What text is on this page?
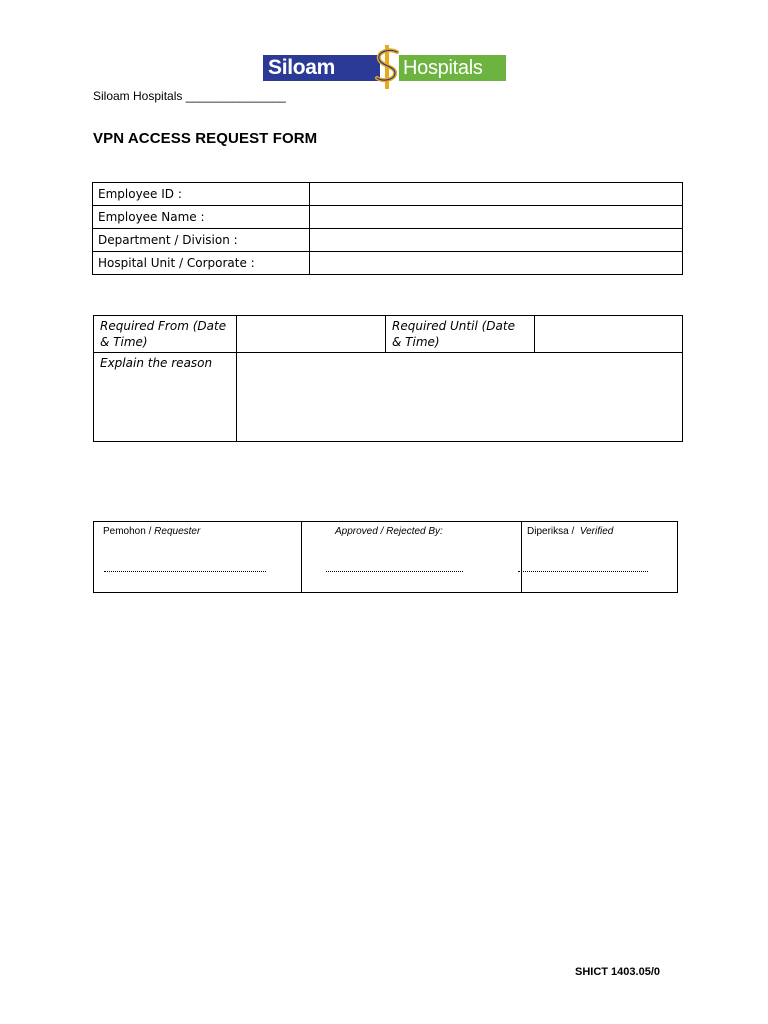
Siloam	Hospitals
Siloam Hospitals _______________
VPN ACCESS REQUEST FORM
Employee ID :	
Employee Name :	
Department / Division :	
Hospital Unit / Corporate :	
Required From (Date & Time)		Required Until (Date & Time)	
Explain the reason			
Pemohon / Requester	Approved / Rejected By:	Diperiksa / Verified
SHICT 1403.05/0
